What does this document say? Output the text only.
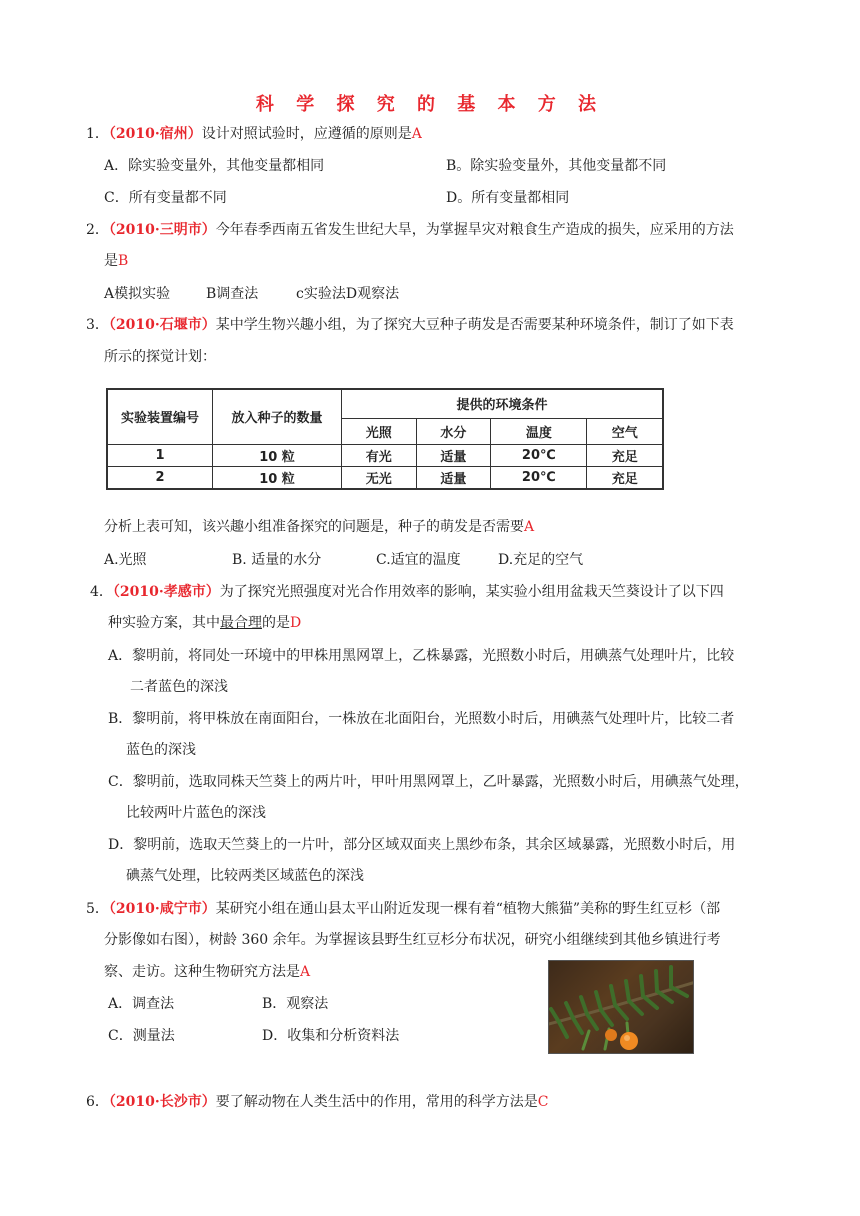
科 学 探 究 的 基 本 方 法
1．（2010·宿州）设计对照试验时，应遵循的原则是A
A．除实验变量外，其他变量都相同	B。除实验变量外，其他变量都不同
C．所有变量都不同	D。所有变量都相同
2．（2010·三明市）今年春季西南五省发生世纪大旱，为掌握旱灾对粮食生产造成的损失，应采用的方法
是B
A模拟实验	B调查法	c实验法D观察法
3．（2010·石堰市）某中学生物兴趣小组，为了探究大豆种子萌发是否需要某种环境条件，制订了如下表
所示的探觉计划：
实验装置编号	放入种子的数量	提供的环境条件			
		光照	水分	温度	空气
1	10 粒	有光	适量	20℃	充足
2	10 粒	无光	适量	20℃	充足
分析上表可知，该兴趣小组准备探究的问题是，种子的萌发是否需要A
A.光照	B. 适量的水分	C.适宜的温度	D.充足的空气
4．（2010·孝感市）为了探究光照强度对光合作用效率的影响，某实验小组用盆栽天竺葵设计了以下四
种实验方案，其中最合理的是D
A．黎明前，将同处一环境中的甲株用黑网罩上，乙株暴露，光照数小时后，用碘蒸气处理叶片，比较
二者蓝色的深浅
B．黎明前，将甲株放在南面阳台，一株放在北面阳台，光照数小时后，用碘蒸气处理叶片，比较二者
蓝色的深浅
C．黎明前，选取同株天竺葵上的两片叶，甲叶用黑网罩上，乙叶暴露，光照数小时后，用碘蒸气处理，
比较两叶片蓝色的深浅
D．黎明前，选取天竺葵上的一片叶，部分区域双面夹上黑纱布条，其余区域暴露，光照数小时后，用
碘蒸气处理，比较两类区域蓝色的深浅
5．（2010·咸宁市）某研究小组在通山县太平山附近发现一棵有着“植物大熊猫”美称的野生红豆杉（部
分影像如右图），树龄 360 余年。为掌握该县野生红豆杉分布状况，研究小组继续到其他乡镇进行考
察、走访。这种生物研究方法是A
A．调查法	B．观察法
C．测量法	D．收集和分析资料法
6．（2010·长沙市）要了解动物在人类生活中的作用，常用的科学方法是C
